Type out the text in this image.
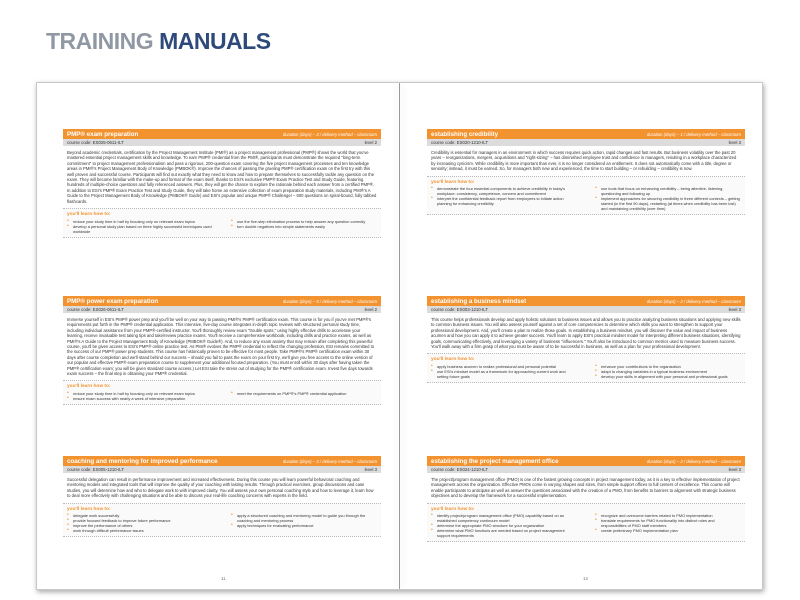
TRAINING MANUALS
PMP® exam preparation	duration (days) – 2 / delivery method – classroom
course code: ES025-0611-ILT	level 2

Beyond academic credentials, certification by the Project Management Institute (PMI®) as a project management professional (PMP®) shows the world that you've mastered essential project management skills and knowledge. To earn PMP® credential from the PMI®, participants must demonstrate the required "long-term commitment" to project management professionalism and pass a rigorous, 200-question exam covering the five project management processes and ten knowledge areas in PMI®'s Project Management Body of Knowledge (PMBOK®). Improve the chances of passing the grueling PMP® certification exam on the first try with this well proven and successful course. Participants will find out exactly what they need to know and how to prepare themselves to successfully tackle any question on the exam. They will become familiar with the make-up and format of the exam itself, thanks to ESI's exclusive PMP® Exam Practice Test and Study Guide, featuring hundreds of multiple-choice questions and fully referenced answers. Plus, they will get the chance to explore the rationale behind each answer from a certified PMP®. In addition to ESI's PMP® Exam Practice Test and Study Guide, they will take home an extensive collection of exam preparation study materials, including PMI®'s A Guide to the Project Management Body of Knowledge (PMBOK® Guide) and ESI's popular and unique PMP® Challenge! – 600 questions on spiral-bound, fully tabbed flashcards.

you'll learn how to:
• reduce your study time in half by focusing only on relevant exam topics
• develop a personal study plan based on three highly successful techniques used worldwide
• use the five-step elimination process to help answer any question correctly
• turn double negatives into simple statements easily
PMP® power exam preparation	duration (days) – 5 / delivery method – classroom
course code: ES026-0611-ILT	level 2

Immerse yourself in ESI's PMP® power prep and you'll be well on your way to passing PMI®'s PMP® certification exam. This course is for you if you've met PMP®'s requirements put forth in the PMP® credential application. This intensive, five-day course integrates in-depth topic reviews with structured personal study time, including individual assistance from your PMP®-certified instructor. You'll thoroughly review exam "trouble spots," using highly effective drills to accelerate your learning, receive invaluable test taking tips and take/review practice exams. You'll receive a comprehensive workbook, including drills and practice exams, as well as PMI®'s A Guide to the Project Management Body of Knowledge (PMBOK® Guide®). And, to reduce any exam anxiety that may remain after completing this powerful course, you'll be given access to ESI's PMP® online practice test. As PMI® evolves the PMP® credential to reflect the changing profession, ESI remains committed to the success of our PMP® power prep students. This course has historically proven to be effective for most people. Take PMP®'s PMP® certification exam within 30 days after course completion and we'll stand behind our success – should you fail to pass the exam on your first try, we'll give you free access to the online version of our popular and effective PMP® exam preparation course to supplement your additional focused preparation. (You must enroll within 30 days after having taken the PMP® certification exam; you will be given standard course access.) Let ESI take the stress out of studying for the PMP® certification exam. Invest five days towards exam success – the final step in obtaining your PMP® credential.

you'll learn how to:
• reduce your study time in half by focusing only on relevant exam topics
• ensure exam success with nearly a week of intensive preparation
• meet the requirements on PMP®'s PMP® credential application
coaching and mentoring for improved performance	duration (days) – 2 / delivery method – classroom
course code: ES005-1210-ILT	level 3

Successful delegation can result in performance improvement and increased effectiveness. During this course you will learn powerful behavioral coaching and mentoring models and integrated tools that will improve the quality of your coaching with lasting results. Through practical exercises, group discussions and case studies, you will determine how and who to delegate work to with improved clarity. You will assess your own personal coaching style and how to leverage it, learn how to deal more effectively with challenging situations and be able to discuss your real-life coaching concerns with experts in the field.

you'll learn how to:
• delegate work successfully
• provide focused feedback to improve future performance
• improve the performance of others
• work through difficult performance issues
• apply a structured coaching and mentoring model to guide you through the coaching and mentoring process
• apply techniques for evaluating performance
11
establishing credibility	duration (days) – 1 / delivery method – classroom
course code: ES020-1210-ILT	level 3

Credibility is essential for managers in an environment in which success requires quick action, rapid changes and fast results. But business volatility over the past 20 years – reorganizations, mergers, acquisitions and "right-sizing" – has diminished employee trust and confidence in managers, resulting in a workplace characterized by increasing cynicism. While credibility is more important than ever, it is no longer considered an entitlement. It does not automatically come with a title, degree or seniority; instead, it must be earned. So, for managers both new and experienced, the time to start building – or rebuilding – credibility is now.

you'll learn how to:
• demonstrate the four essential components to achieve credibility in today's workplace: consistency, competence, concern and commitment
• interpret the confidential feedback report from employees to initiate action planning for enhancing credibility
• use tools that focus on enhancing credibility – being attentive, listening, questioning and following up
• implement approaches for securing credibility in three different contexts – getting started (in the first 90 days), restarting (at times when credibility has been lost) and maintaining credibility (over time)
establishing a business mindset	duration (days) – 2 / delivery method – classroom
course code: ES003-1210-ILT	level 3

This course helps professionals develop and apply holistic solutions to business issues and allows you to practice analyzing business situations and applying new skills to common business issues. You will also assess yourself against a set of core competencies to determine which skills you want to strengthen to support your professional development. And, you'll create a plan to realize those goals. In establishing a business mindset, you will discover the value and impact of business acumen and how you can apply it to achieve greater success. You'll learn to apply ESI's practical mindset model for interpreting different business situations, identifying goals, communicating effectively, and leveraging a variety of business "influencers." You'll also be introduced to common metrics used to measure business success. You'll walk away with a firm grasp of what you must be aware of to be successful in business, as well as a plan for your professional development.

you'll learn how to:
• apply business acumen to realize professional and personal potential
• use ESI's mindset model as a framework for approaching current work and setting future goals
• enhance your contributions to the organization
• adapt to changing variables in a typical business environment
• develop your skills in alignment with your personal and professional goals
establishing the project management office	duration (days) – 2 / delivery method – classroom
course code: ES024-1210-ILT	level 3

The project/program management office (PMO) is one of the fastest growing concepts in project management today, as it is a key to effective implementation of project management across the organization. Effective PMOs come in varying shapes and sizes, from simple support offices to full centers of excellence. This course will enable participants to anticipate as well as answer the questions associated with the creation of a PMO, from benefits to barriers to alignment with strategic business objectives and to develop the framework for a successful implementation.

you'll learn how to:
• identify project/program management office (PMO) capability based on an established competency continuum model
• determine the appropriate PMO structure for your organization
• determine what PMO functions are needed based on project management support requirements
• recognize and overcome barriers related to PMO implementation
• translate requirements for PMO functionality into distinct roles and responsibilities of PMO staff members
• create preliminary PMO implementation plan
12
